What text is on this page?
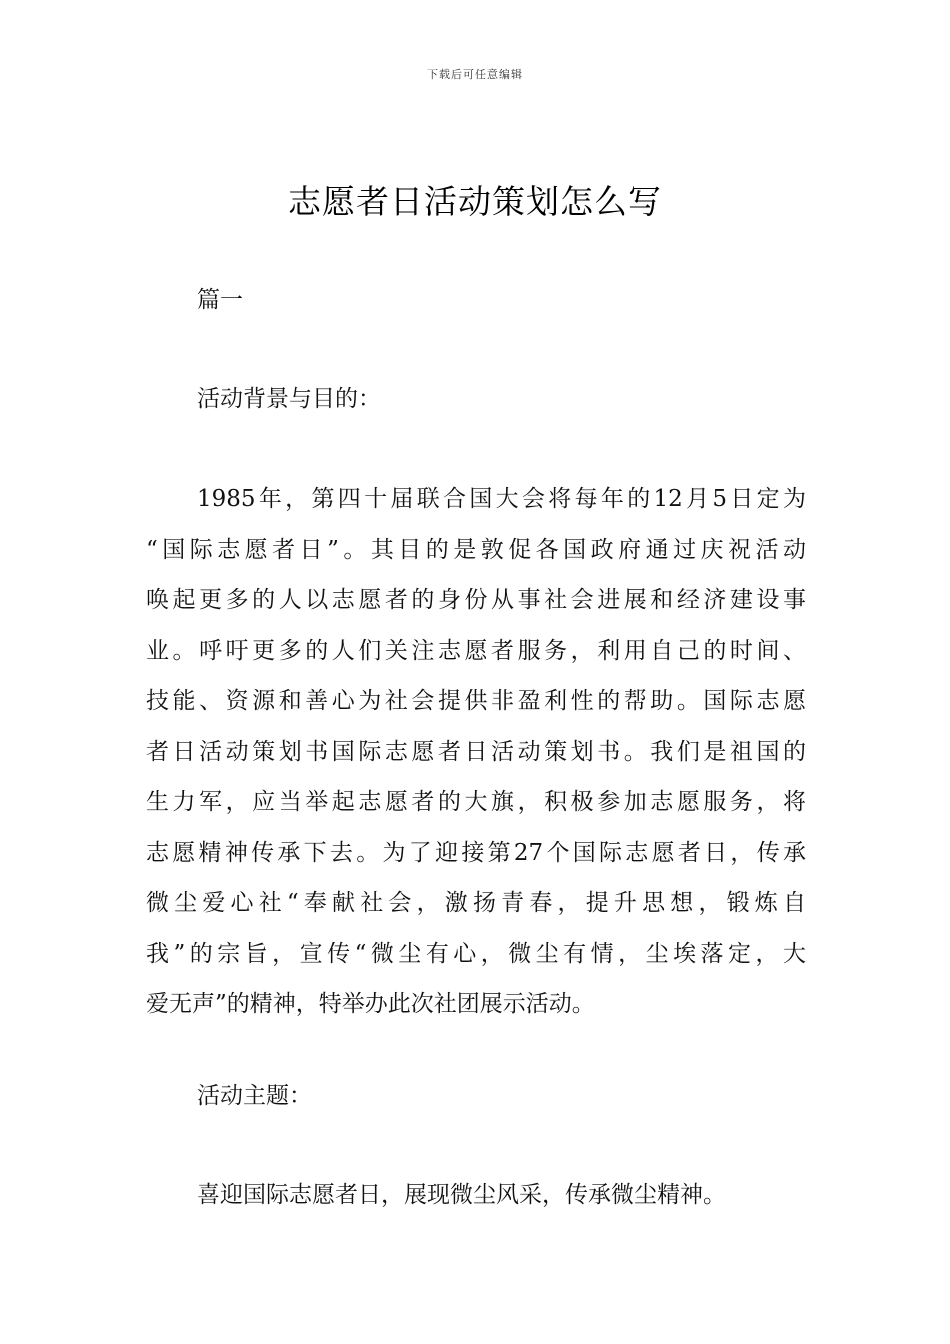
下载后可任意编辑
志愿者日活动策划怎么写
篇一
活动背景与目的：
1985年，第四十届联合国大会将每年的12月5日定为
“国际志愿者日”。其目的是敦促各国政府通过庆祝活动
唤起更多的人以志愿者的身份从事社会进展和经济建设事
业。呼吁更多的人们关注志愿者服务，利用自己的时间、
技能、资源和善心为社会提供非盈利性的帮助。国际志愿
者日活动策划书国际志愿者日活动策划书。我们是祖国的
生力军，应当举起志愿者的大旗，积极参加志愿服务，将
志愿精神传承下去。为了迎接第27个国际志愿者日，传承
微尘爱心社“奉献社会，激扬青春，提升思想，锻炼自
我”的宗旨，宣传“微尘有心，微尘有情，尘埃落定，大
爱无声”的精神，特举办此次社团展示活动。
活动主题：
喜迎国际志愿者日，展现微尘风采，传承微尘精神。
